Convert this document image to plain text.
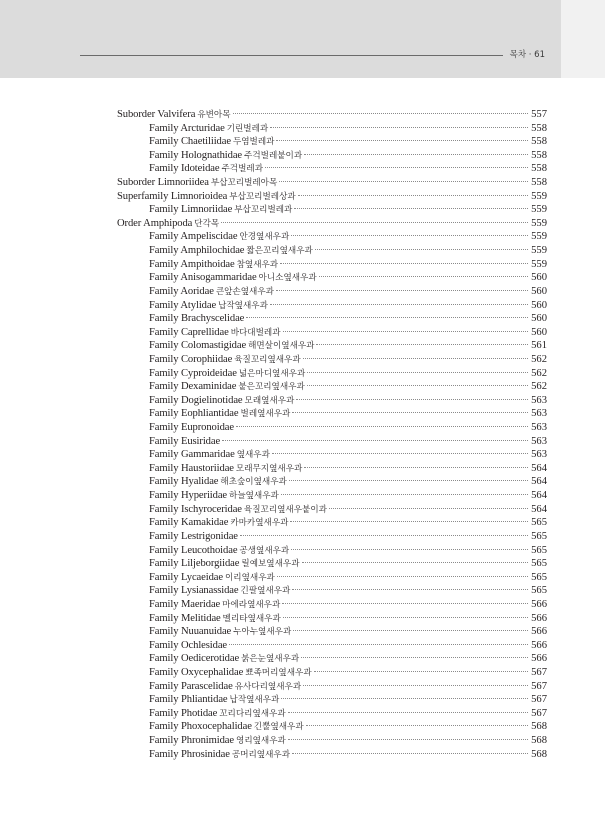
목차 · 61
Suborder Valvifera 유변아목	557
Family Arcturidae 기린벌레과	558
Family Chaetiliidae 두염벌레과	558
Family Holognathidae 주걱벌레붙이과	558
Family Idoteidae 주걱벌레과	558
Suborder Limnoriidea 부삽꼬리벌레아목	558
Superfamily Limnorioidea 부삽꼬리벌레상과	559
Family Limnoriidae 부삽꼬리벌레과	559
Order Amphipoda 단각목	559
Family Ampeliscidae 안경옆새우과	559
Family Amphilochidae 짧은꼬리옆새우과	559
Family Ampithoidae 참옆새우과	559
Family Anisogammaridae 아니소옆새우과	560
Family Aoridae 큰앞손옆새우과	560
Family Atylidae 납작옆새우과	560
Family Brachyscelidae	560
Family Caprellidae 바다대벌레과	560
Family Colomastigidae 해면살이옆새우과	561
Family Corophiidae 육질꼬리옆새우과	562
Family Cyproideidae 넓은마디옆새우과	562
Family Dexaminidae 붙은꼬리옆새우과	562
Family Dogielinotidae 모래옆새우과	563
Family Eophliantidae 벌레옆새우과	563
Family Eupronoidae	563
Family Eusiridae	563
Family Gammaridae 옆새우과	563
Family Haustoriidae 모래무지옆새우과	564
Family Hyalidae 해초숲이옆새우과	564
Family Hyperiidae 하늘옆새우과	564
Family Ischyroceridae 육질꼬리옆새우붙이과	564
Family Kamakidae 카마카옆새우과	565
Family Lestrigonidae	565
Family Leucothoidae 공생옆새우과	565
Family Liljeborgiidae 릴예보옆새우과	565
Family Lycaeidae 이리옆새우과	565
Family Lysianassidae 긴팔옆새우과	565
Family Maeridae 마에라옆새우과	566
Family Melitidae 멜리타옆새우과	566
Family Nuuanuidae 누아누옆새우과	566
Family Ochlesidae	566
Family Oedicerotidae 붉은눈옆새우과	566
Family Oxycephalidae 뾰족머리옆새우과	567
Family Parascelidae 유사다리옆새우과	567
Family Phliantidae 납작옆새우과	567
Family Photidae 꼬리다리옆새우과	567
Family Phoxocephalidae 긴뿔옆새우과	568
Family Phronimidae 영리옆새우과	568
Family Phrosinidae 공머리옆새우과	568
